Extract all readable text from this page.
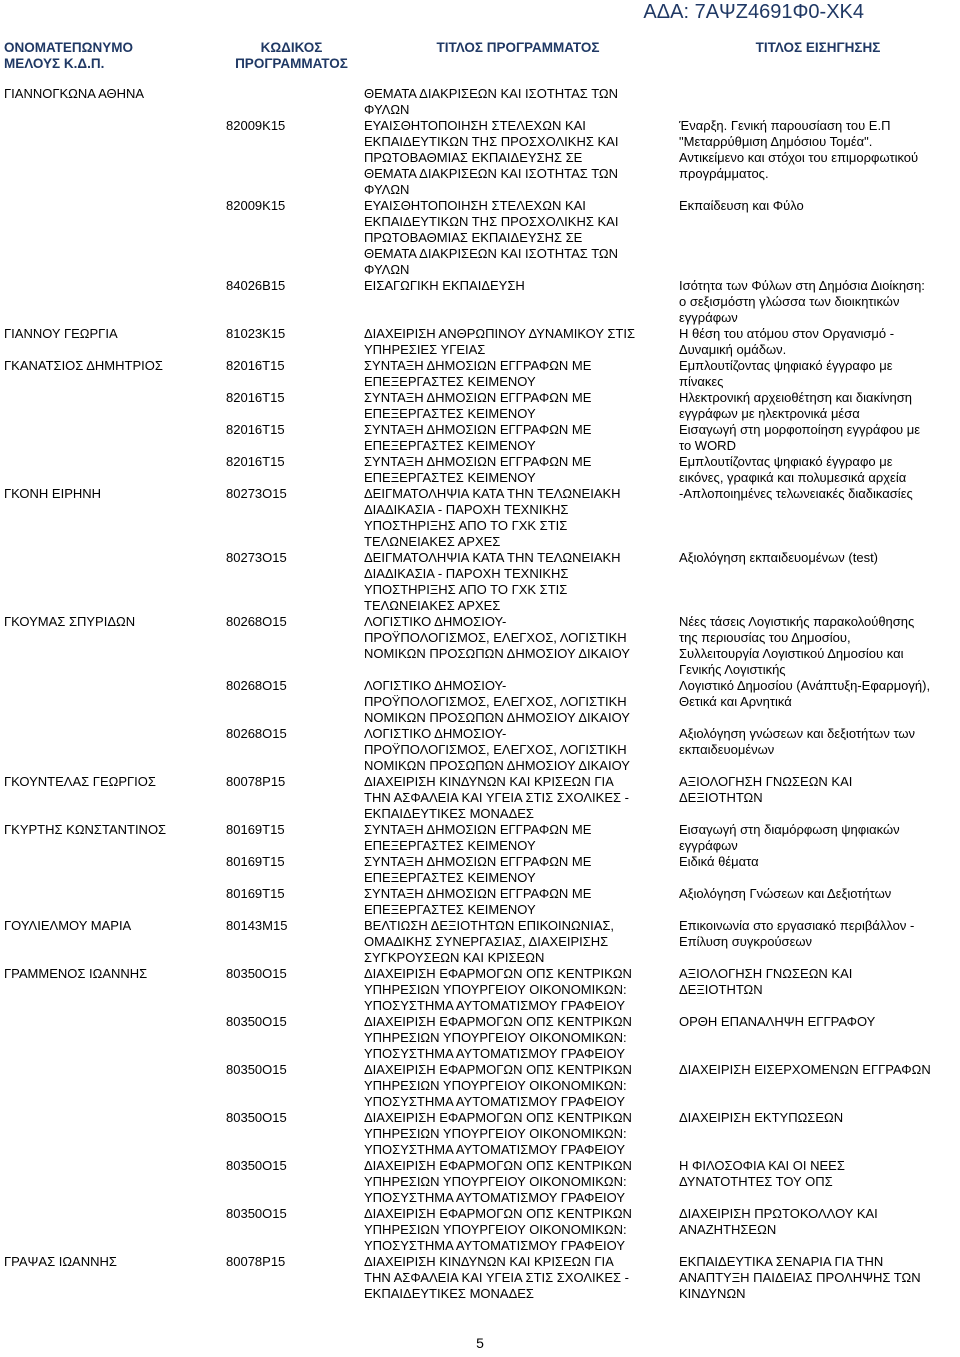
ΑΔΑ: 7ΑΨΖ4691Φ0-ΧΚ4
ΟΝΟΜΑΤΕΠΩΝΥΜΟ
ΜΕΛΟΥΣ Κ.Δ.Π.	ΚΩΔΙΚΟΣ
ΠΡΟΓΡΑΜΜΑΤΟΣ	ΤΙΤΛΟΣ ΠΡΟΓΡΑΜΜΑΤΟΣ	ΤΙΤΛΟΣ ΕΙΣΗΓΗΣΗΣ
ΓΙΑΝΝΟΓΚΩΝΑ ΑΘΗΝΑ		ΘΕΜΑΤΑ ΔΙΑΚΡΙΣΕΩΝ ΚΑΙ ΙΣΟΤΗΤΑΣ ΤΩΝ
ΦΥΛΩΝ	
	82009Κ15	ΕΥΑΙΣΘΗΤΟΠΟΙΗΣΗ ΣΤΕΛΕΧΩΝ ΚΑΙ
ΕΚΠΑΙΔΕΥΤΙΚΩΝ ΤΗΣ ΠΡΟΣΧΟΛΙΚΗΣ ΚΑΙ
ΠΡΩΤΟΒΑΘΜΙΑΣ ΕΚΠΑΙΔΕΥΣΗΣ ΣΕ
ΘΕΜΑΤΑ ΔΙΑΚΡΙΣΕΩΝ ΚΑΙ ΙΣΟΤΗΤΑΣ ΤΩΝ
ΦΥΛΩΝ	Έναρξη. Γενική παρουσίαση του Ε.Π
"Μεταρρύθμιση Δημόσιου Τομέα".
Αντικείμενο και στόχοι του επιμορφωτικού
προγράμματος.
	82009Κ15	ΕΥΑΙΣΘΗΤΟΠΟΙΗΣΗ ΣΤΕΛΕΧΩΝ ΚΑΙ
ΕΚΠΑΙΔΕΥΤΙΚΩΝ ΤΗΣ ΠΡΟΣΧΟΛΙΚΗΣ ΚΑΙ
ΠΡΩΤΟΒΑΘΜΙΑΣ ΕΚΠΑΙΔΕΥΣΗΣ ΣΕ
ΘΕΜΑΤΑ ΔΙΑΚΡΙΣΕΩΝ ΚΑΙ ΙΣΟΤΗΤΑΣ ΤΩΝ
ΦΥΛΩΝ	Εκπαίδευση και Φύλο
	84026Β15	ΕΙΣΑΓΩΓΙΚΗ ΕΚΠΑΙΔΕΥΣΗ	Ισότητα των Φύλων στη Δημόσια Διοίκηση:
ο σεξισμόστη γλώσσα των διοικητικών
εγγράφων
ΓΙΑΝΝΟΥ ΓΕΩΡΓΙΑ	81023Κ15	ΔΙΑΧΕΙΡΙΣΗ ΑΝΘΡΩΠΙΝΟΥ ΔΥΝΑΜΙΚΟΥ ΣΤΙΣ
ΥΠΗΡΕΣΙΕΣ ΥΓΕΙΑΣ	Η θέση του ατόμου στον Οργανισμό -
Δυναμική ομάδων.
ΓΚΑΝΑΤΣΙΟΣ ΔΗΜΗΤΡΙΟΣ	82016Τ15	ΣΥΝΤΑΞΗ ΔΗΜΟΣΙΩΝ ΕΓΓΡΑΦΩΝ ΜΕ
ΕΠΕΞΕΡΓΑΣΤΕΣ ΚΕΙΜΕΝΟΥ	Εμπλουτίζοντας ψηφιακό έγγραφο με
πίνακες
	82016Τ15	ΣΥΝΤΑΞΗ ΔΗΜΟΣΙΩΝ ΕΓΓΡΑΦΩΝ ΜΕ
ΕΠΕΞΕΡΓΑΣΤΕΣ ΚΕΙΜΕΝΟΥ	Ηλεκτρονική αρχειοθέτηση και διακίνηση
εγγράφων με ηλεκτρονικά μέσα
	82016Τ15	ΣΥΝΤΑΞΗ ΔΗΜΟΣΙΩΝ ΕΓΓΡΑΦΩΝ ΜΕ
ΕΠΕΞΕΡΓΑΣΤΕΣ ΚΕΙΜΕΝΟΥ	Εισαγωγή στη μορφοποίηση εγγράφου με
το WORD
	82016Τ15	ΣΥΝΤΑΞΗ ΔΗΜΟΣΙΩΝ ΕΓΓΡΑΦΩΝ ΜΕ
ΕΠΕΞΕΡΓΑΣΤΕΣ ΚΕΙΜΕΝΟΥ	Εμπλουτίζοντας ψηφιακό έγγραφο με
εικόνες, γραφικά και πολυμεσικά αρχεία
ΓΚΟΝΗ ΕΙΡΗΝΗ	80273Ο15	ΔΕΙΓΜΑΤΟΛΗΨΙΑ ΚΑΤΑ ΤΗΝ ΤΕΛΩΝΕΙΑΚΗ
ΔΙΑΔΙΚΑΣΙΑ - ΠΑΡΟΧΗ ΤΕΧΝΙΚΗΣ
ΥΠΟΣΤΗΡΙΞΗΣ ΑΠΟ ΤΟ ΓΧΚ ΣΤΙΣ
ΤΕΛΩΝΕΙΑΚΕΣ ΑΡΧΕΣ	-Απλοποιημένες τελωνειακές διαδικασίες
	80273Ο15	ΔΕΙΓΜΑΤΟΛΗΨΙΑ ΚΑΤΑ ΤΗΝ ΤΕΛΩΝΕΙΑΚΗ
ΔΙΑΔΙΚΑΣΙΑ - ΠΑΡΟΧΗ ΤΕΧΝΙΚΗΣ
ΥΠΟΣΤΗΡΙΞΗΣ ΑΠΟ ΤΟ ΓΧΚ ΣΤΙΣ
ΤΕΛΩΝΕΙΑΚΕΣ ΑΡΧΕΣ	Αξιολόγηση εκπαιδευομένων (test)
ΓΚΟΥΜΑΣ ΣΠΥΡΙΔΩΝ	80268Ο15	ΛΟΓΙΣΤΙΚΟ ΔΗΜΟΣΙΟΥ-
ΠΡΟΫΠΟΛΟΓΙΣΜΟΣ, ΕΛΕΓΧΟΣ, ΛΟΓΙΣΤΙΚΗ
ΝΟΜΙΚΩΝ ΠΡΟΣΩΠΩΝ ΔΗΜΟΣΙΟΥ ΔΙΚΑΙΟΥ	Νέες τάσεις Λογιστικής παρακολούθησης
της περιουσίας του Δημοσίου,
Συλλειτουργία Λογιστικού Δημοσίου και
Γενικής Λογιστικής
	80268Ο15	ΛΟΓΙΣΤΙΚΟ ΔΗΜΟΣΙΟΥ-
ΠΡΟΫΠΟΛΟΓΙΣΜΟΣ, ΕΛΕΓΧΟΣ, ΛΟΓΙΣΤΙΚΗ
ΝΟΜΙΚΩΝ ΠΡΟΣΩΠΩΝ ΔΗΜΟΣΙΟΥ ΔΙΚΑΙΟΥ	Λογιστικό Δημοσίου (Ανάπτυξη-Εφαρμογή),
Θετικά και Αρνητικά
	80268Ο15	ΛΟΓΙΣΤΙΚΟ ΔΗΜΟΣΙΟΥ-
ΠΡΟΫΠΟΛΟΓΙΣΜΟΣ, ΕΛΕΓΧΟΣ, ΛΟΓΙΣΤΙΚΗ
ΝΟΜΙΚΩΝ ΠΡΟΣΩΠΩΝ ΔΗΜΟΣΙΟΥ ΔΙΚΑΙΟΥ	Αξιολόγηση γνώσεων και δεξιοτήτων των
εκπαιδευομένων
ΓΚΟΥΝΤΕΛΑΣ ΓΕΩΡΓΙΟΣ	80078Ρ15	ΔΙΑΧΕΙΡΙΣΗ ΚΙΝΔΥΝΩΝ ΚΑΙ ΚΡΙΣΕΩΝ ΓΙΑ
ΤΗΝ ΑΣΦΑΛΕΙΑ ΚΑΙ ΥΓΕΙΑ ΣΤΙΣ ΣΧΟΛΙΚΕΣ -
ΕΚΠΑΙΔΕΥΤΙΚΕΣ ΜΟΝΑΔΕΣ	ΑΞΙΟΛΟΓΗΣΗ ΓΝΩΣΕΩΝ ΚΑΙ
ΔΕΞΙΟΤΗΤΩΝ
ΓΚΥΡΤΗΣ ΚΩΝΣΤΑΝΤΙΝΟΣ	80169Τ15	ΣΥΝΤΑΞΗ ΔΗΜΟΣΙΩΝ ΕΓΓΡΑΦΩΝ ΜΕ
ΕΠΕΞΕΡΓΑΣΤΕΣ ΚΕΙΜΕΝΟΥ	Εισαγωγή στη διαμόρφωση ψηφιακών
εγγράφων
	80169Τ15	ΣΥΝΤΑΞΗ ΔΗΜΟΣΙΩΝ ΕΓΓΡΑΦΩΝ ΜΕ
ΕΠΕΞΕΡΓΑΣΤΕΣ ΚΕΙΜΕΝΟΥ	Ειδικά θέματα
	80169Τ15	ΣΥΝΤΑΞΗ ΔΗΜΟΣΙΩΝ ΕΓΓΡΑΦΩΝ ΜΕ
ΕΠΕΞΕΡΓΑΣΤΕΣ ΚΕΙΜΕΝΟΥ	Αξιολόγηση Γνώσεων και Δεξιοτήτων
ΓΟΥΛΙΕΛΜΟΥ ΜΑΡΙΑ	80143Μ15	ΒΕΛΤΙΩΣΗ ΔΕΞΙΟΤΗΤΩΝ ΕΠΙΚΟΙΝΩΝΙΑΣ,
ΟΜΑΔΙΚΗΣ ΣΥΝΕΡΓΑΣΙΑΣ, ΔΙΑΧΕΙΡΙΣΗΣ
ΣΥΓΚΡΟΥΣΕΩΝ ΚΑΙ ΚΡΙΣΕΩΝ	Επικοινωνία στο εργασιακό περιβάλλον -
Επίλυση συγκρούσεων
ΓΡΑΜΜΕΝΟΣ ΙΩΑΝΝΗΣ	80350Ο15	ΔΙΑΧΕΙΡΙΣΗ ΕΦΑΡΜΟΓΩΝ ΟΠΣ ΚΕΝΤΡΙΚΩΝ
ΥΠΗΡΕΣΙΩΝ ΥΠΟΥΡΓΕΙΟΥ ΟΙΚΟΝΟΜΙΚΩΝ:
ΥΠΟΣΥΣΤΗΜΑ ΑΥΤΟΜΑΤΙΣΜΟΥ ΓΡΑΦΕΙΟΥ	ΑΞΙΟΛΟΓΗΣΗ ΓΝΩΣΕΩΝ ΚΑΙ
ΔΕΞΙΟΤΗΤΩΝ
	80350Ο15	ΔΙΑΧΕΙΡΙΣΗ ΕΦΑΡΜΟΓΩΝ ΟΠΣ ΚΕΝΤΡΙΚΩΝ
ΥΠΗΡΕΣΙΩΝ ΥΠΟΥΡΓΕΙΟΥ ΟΙΚΟΝΟΜΙΚΩΝ:
ΥΠΟΣΥΣΤΗΜΑ ΑΥΤΟΜΑΤΙΣΜΟΥ ΓΡΑΦΕΙΟΥ	ΟΡΘΗ ΕΠΑΝΑΛΗΨΗ ΕΓΓΡΑΦΟΥ
	80350Ο15	ΔΙΑΧΕΙΡΙΣΗ ΕΦΑΡΜΟΓΩΝ ΟΠΣ ΚΕΝΤΡΙΚΩΝ
ΥΠΗΡΕΣΙΩΝ ΥΠΟΥΡΓΕΙΟΥ ΟΙΚΟΝΟΜΙΚΩΝ:
ΥΠΟΣΥΣΤΗΜΑ ΑΥΤΟΜΑΤΙΣΜΟΥ ΓΡΑΦΕΙΟΥ	ΔΙΑΧΕΙΡΙΣΗ ΕΙΣΕΡΧΟΜΕΝΩΝ ΕΓΓΡΑΦΩΝ
	80350Ο15	ΔΙΑΧΕΙΡΙΣΗ ΕΦΑΡΜΟΓΩΝ ΟΠΣ ΚΕΝΤΡΙΚΩΝ
ΥΠΗΡΕΣΙΩΝ ΥΠΟΥΡΓΕΙΟΥ ΟΙΚΟΝΟΜΙΚΩΝ:
ΥΠΟΣΥΣΤΗΜΑ ΑΥΤΟΜΑΤΙΣΜΟΥ ΓΡΑΦΕΙΟΥ	ΔΙΑΧΕΙΡΙΣΗ ΕΚΤΥΠΩΣΕΩΝ
	80350Ο15	ΔΙΑΧΕΙΡΙΣΗ ΕΦΑΡΜΟΓΩΝ ΟΠΣ ΚΕΝΤΡΙΚΩΝ
ΥΠΗΡΕΣΙΩΝ ΥΠΟΥΡΓΕΙΟΥ ΟΙΚΟΝΟΜΙΚΩΝ:
ΥΠΟΣΥΣΤΗΜΑ ΑΥΤΟΜΑΤΙΣΜΟΥ ΓΡΑΦΕΙΟΥ	Η ΦΙΛΟΣΟΦΙΑ ΚΑΙ ΟΙ ΝΕΕΣ
ΔΥΝΑΤΟΤΗΤΕΣ ΤΟΥ ΟΠΣ
	80350Ο15	ΔΙΑΧΕΙΡΙΣΗ ΕΦΑΡΜΟΓΩΝ ΟΠΣ ΚΕΝΤΡΙΚΩΝ
ΥΠΗΡΕΣΙΩΝ ΥΠΟΥΡΓΕΙΟΥ ΟΙΚΟΝΟΜΙΚΩΝ:
ΥΠΟΣΥΣΤΗΜΑ ΑΥΤΟΜΑΤΙΣΜΟΥ ΓΡΑΦΕΙΟΥ	ΔΙΑΧΕΙΡΙΣΗ ΠΡΩΤΟΚΟΛΛΟΥ ΚΑΙ
ΑΝΑΖΗΤΗΣΕΩΝ
ΓΡΑΨΑΣ ΙΩΑΝΝΗΣ	80078Ρ15	ΔΙΑΧΕΙΡΙΣΗ ΚΙΝΔΥΝΩΝ ΚΑΙ ΚΡΙΣΕΩΝ ΓΙΑ
ΤΗΝ ΑΣΦΑΛΕΙΑ ΚΑΙ ΥΓΕΙΑ ΣΤΙΣ ΣΧΟΛΙΚΕΣ -
ΕΚΠΑΙΔΕΥΤΙΚΕΣ ΜΟΝΑΔΕΣ	ΕΚΠΑΙΔΕΥΤΙΚΑ ΣΕΝΑΡΙΑ ΓΙΑ ΤΗΝ
ΑΝΑΠΤΥΞΗ ΠΑΙΔΕΙΑΣ ΠΡΟΛΗΨΗΣ ΤΩΝ
ΚΙΝΔΥΝΩΝ
5
